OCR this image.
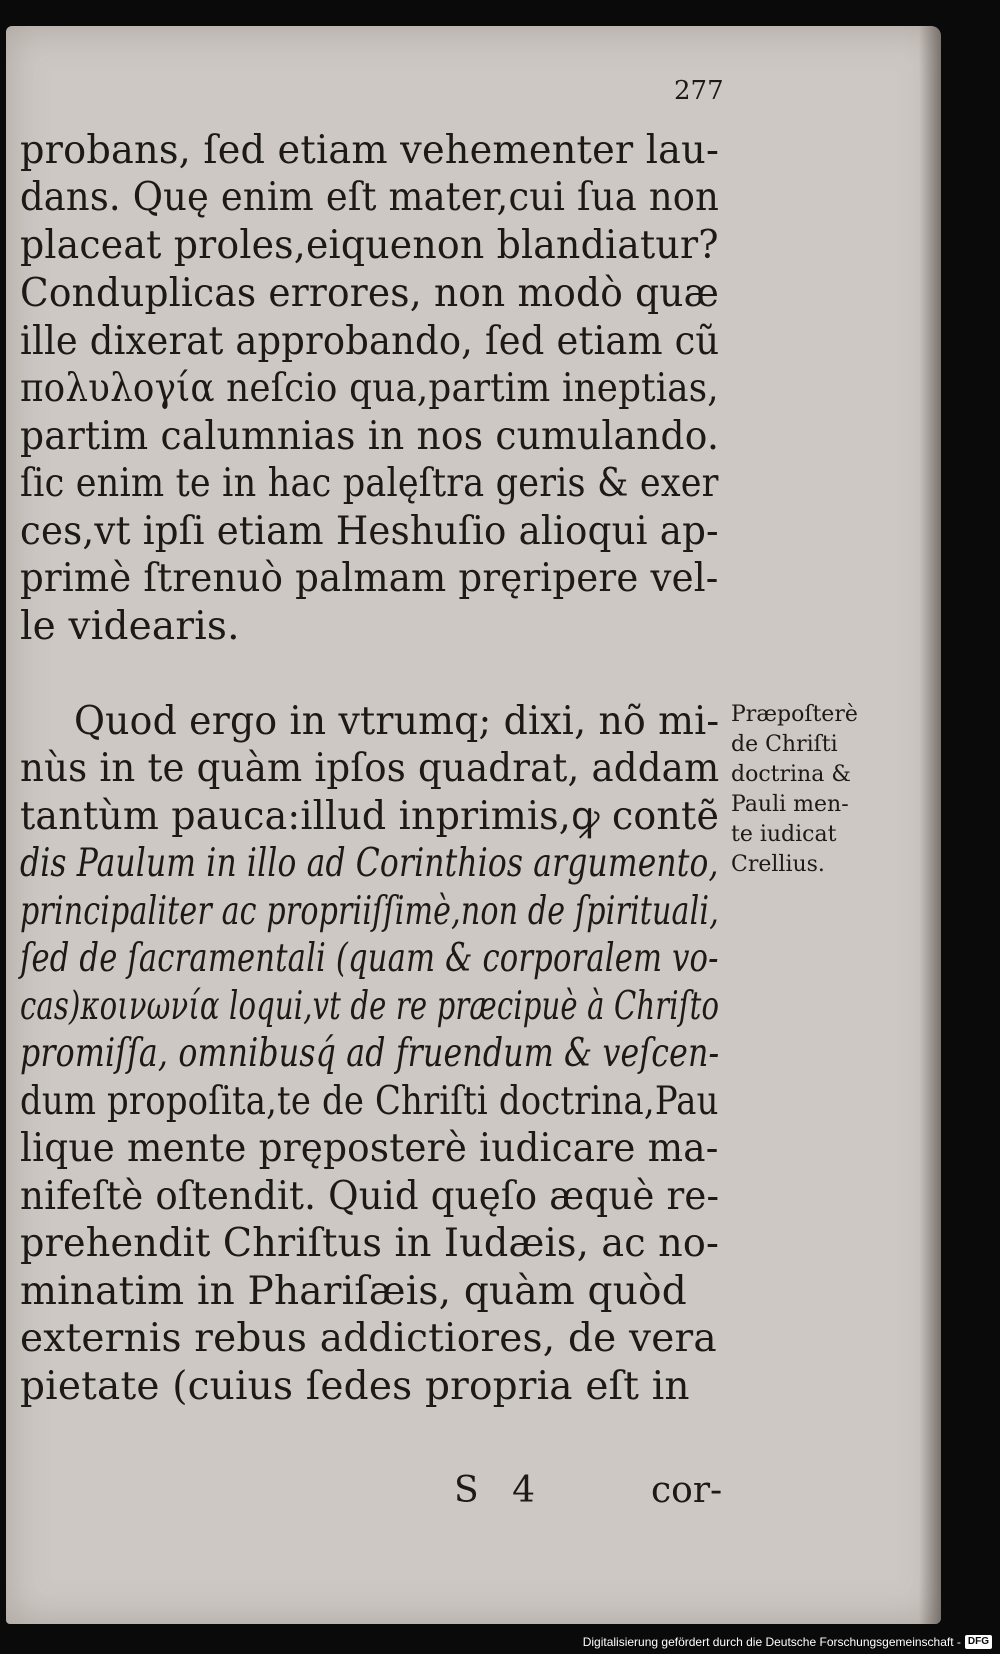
277
probans, ſed etiam vehementer lau-
dans. Quę enim eſt mater,cui ſua non
placeat proles,eiquenon blandiatur?
Conduplicas errores, non modò quæ
ille dixerat approbando, ſed etiam cũ
πολυλογία neſcio qua,partim ineptias,
partim calumnias in nos cumulando.
ſic enim te in hac palęſtra geris & exer
ces,vt ipſi etiam Heshuſio alioqui ap-
primè ſtrenuò palmam pręripere vel-
le videaris.
Quod ergo in vtrumq; dixi, nõ mi-
nùs in te quàm ipſos quadrat, addam
tantùm pauca:illud inprimis,ꝙ contẽ
dis Paulum in illo ad Corinthios argumento,
principaliter ac propriiſſimè,non de ſpirituali,
ſed de ſacramentali (quam & corporalem vo-
cas)κοινωνία loqui,vt de re præcipuè à Chriſto
promiſſa, omnibusq́ ad fruendum & veſcen-
dum propoſita,te de Chriſti doctrina,Pau
lique mente pręposterè iudicare ma-
nifeſtè oſtendit. Quid quęſo æquè re-
prehendit Chriſtus in Iudæis, ac no-
minatim in Phariſæis, quàm quòd
externis rebus addictiores, de vera
pietate (cuius ſedes propria eſt in
Præpoſterè
de Chriſti
doctrina &
Pauli men-
te iudicat
Crellius.
S 4	cor-
Digitalisierung gefördert durch die Deutsche Forschungsgemeinschaft - DFG
